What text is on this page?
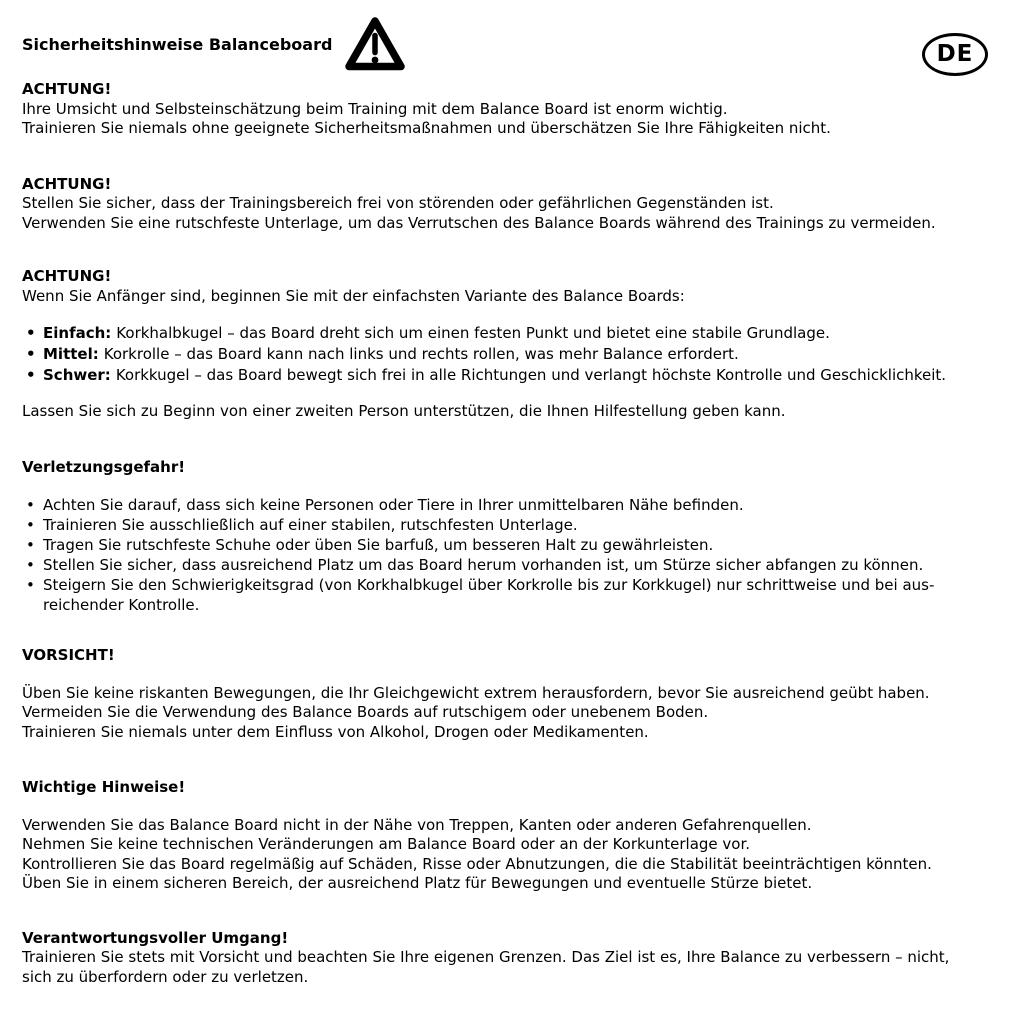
Sicherheitshinweise Balanceboard	DE
ACHTUNG!

Ihre Umsicht und Selbsteinschätzung beim Training mit dem Balance Board ist enorm wichtig.

Trainieren Sie niemals ohne geeignete Sicherheitsmaßnahmen und überschätzen Sie Ihre Fähigkeiten nicht.

ACHTUNG!

Stellen Sie sicher, dass der Trainingsbereich frei von störenden oder gefährlichen Gegenständen ist.

Verwenden Sie eine rutschfeste Unterlage, um das Verrutschen des Balance Boards während des Trainings zu vermeiden.

ACHTUNG!

Wenn Sie Anfänger sind, beginnen Sie mit der einfachsten Variante des Balance Boards:

• Einfach: Korkhalbkugel – das Board dreht sich um einen festen Punkt und bietet eine stabile Grundlage.
• Mittel: Korkrolle – das Board kann nach links und rechts rollen, was mehr Balance erfordert.
• Schwer: Korkkugel – das Board bewegt sich frei in alle Richtungen und verlangt höchste Kontrolle und Geschicklichkeit.

Lassen Sie sich zu Beginn von einer zweiten Person unterstützen, die Ihnen Hilfestellung geben kann.

Verletzungsgefahr!
• Achten Sie darauf, dass sich keine Personen oder Tiere in Ihrer unmittelbaren Nähe befinden.
• Trainieren Sie ausschließlich auf einer stabilen, rutschfesten Unterlage.
• Tragen Sie rutschfeste Schuhe oder üben Sie barfuß, um besseren Halt zu gewährleisten.
• Stellen Sie sicher, dass ausreichend Platz um das Board herum vorhanden ist, um Stürze sicher abfangen zu können.
• Steigern Sie den Schwierigkeitsgrad (von Korkhalbkugel über Korkrolle bis zur Korkkugel) nur schrittweise und bei aus-
reichender Kontrolle.
VORSICHT!

Üben Sie keine riskanten Bewegungen, die Ihr Gleichgewicht extrem herausfordern, bevor Sie ausreichend geübt haben.

Vermeiden Sie die Verwendung des Balance Boards auf rutschigem oder unebenem Boden.

Trainieren Sie niemals unter dem Einfluss von Alkohol, Drogen oder Medikamenten.

Wichtige Hinweise!

Verwenden Sie das Balance Board nicht in der Nähe von Treppen, Kanten oder anderen Gefahrenquellen.

Nehmen Sie keine technischen Veränderungen am Balance Board oder an der Korkunterlage vor.

Kontrollieren Sie das Board regelmäßig auf Schäden, Risse oder Abnutzungen, die die Stabilität beeinträchtigen könnten.

Üben Sie in einem sicheren Bereich, der ausreichend Platz für Bewegungen und eventuelle Stürze bietet.

Verantwortungsvoller Umgang!

Trainieren Sie stets mit Vorsicht und beachten Sie Ihre eigenen Grenzen. Das Ziel ist es, Ihre Balance zu verbessern – nicht,

sich zu überfordern oder zu verletzen.
